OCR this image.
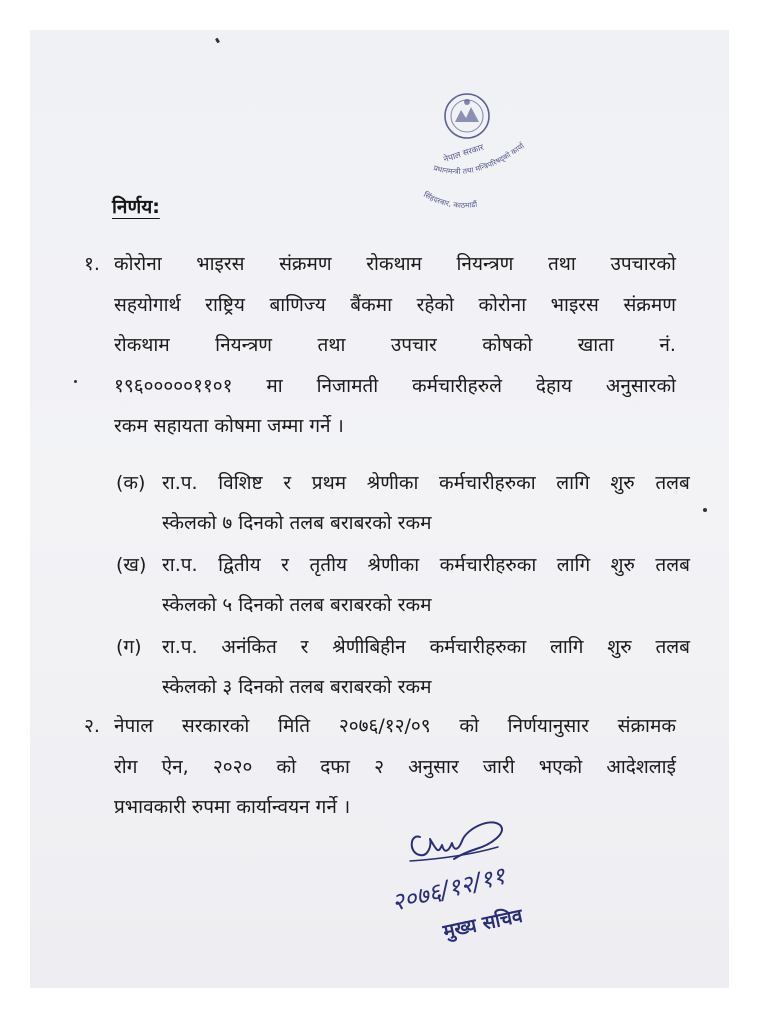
नेपाल सरकार
प्रधानमन्त्री तथा मन्त्रिपरिषद्‌को कार्या
सिंहदरबार, काठमाडौं
निर्णय:
१. कोरोना भाइरस संक्रमण रोकथाम नियन्त्रण तथा उपचारको
सहयोगार्थ राष्ट्रिय बाणिज्य बैंकमा रहेको कोरोना भाइरस संक्रमण
रोकथाम नियन्त्रण तथा उपचार कोषको खाता नं.
१९६०००००११०१ मा निजामती कर्मचारीहरुले देहाय अनुसारको
रकम सहायता कोषमा जम्मा गर्ने ।
(क) रा.प. विशिष्ट र प्रथम श्रेणीका कर्मचारीहरुका लागि शुरु तलब
स्केलको ७ दिनको तलब बराबरको रकम
(ख) रा.प. द्वितीय र तृतीय श्रेणीका कर्मचारीहरुका लागि शुरु तलब
स्केलको ५ दिनको तलब बराबरको रकम
(ग) रा.प. अनंकित र श्रेणीबिहीन कर्मचारीहरुका लागि शुरु तलब
स्केलको ३ दिनको तलब बराबरको रकम
२. नेपाल सरकारको मिति २०७६/१२/०९ को निर्णयानुसार संक्रामक
रोग ऐन, २०२० को दफा २ अनुसार जारी भएको आदेशलाई
प्रभावकारी रुपमा कार्यान्वयन गर्ने ।
२०७६/१२/११
मुख्य सचिव
